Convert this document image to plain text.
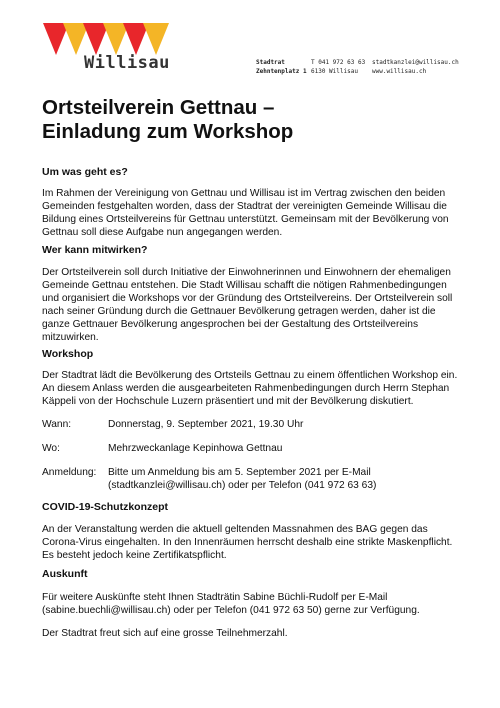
Willisau	Stadtrat
Zehntenplatz 1
T 041 972 63 63
6130 Willisau
stadtkanzlei@willisau.ch
www.willisau.ch
Ortsteilverein Gettnau –
Einladung zum Workshop
Um was geht es?

Im Rahmen der Vereinigung von Gettnau und Willisau ist im Vertrag zwischen den beiden Gemeinden festgehalten worden, dass der Stadtrat der vereinigten Gemeinde Willisau die Bildung eines Ortsteilvereins für Gettnau unterstützt. Gemeinsam mit der Bevölkerung von Gettnau soll diese Aufgabe nun angegangen werden.

Wer kann mitwirken?

Der Ortsteilverein soll durch Initiative der Einwohnerinnen und Einwohnern der ehemaligen Gemeinde Gettnau entstehen. Die Stadt Willisau schafft die nötigen Rahmenbedingungen und organisiert die Workshops vor der Gründung des Ortsteilvereins. Der Ortsteilverein soll nach seiner Gründung durch die Gettnauer Bevölkerung getragen werden, daher ist die ganze Gettnauer Bevölkerung angesprochen bei der Gestaltung des Ortsteilvereins mitzuwirken.

Workshop

Der Stadtrat lädt die Bevölkerung des Ortsteils Gettnau zu einem öffentlichen Workshop ein. An diesem Anlass werden die ausgearbeiteten Rahmenbedingungen durch Herrn Stephan Käppeli von der Hochschule Luzern präsentiert und mit der Bevölkerung diskutiert.

Wann:	Donnerstag, 9. September 2021, 19.30 Uhr
Wo:	Mehrzweckanlage Kepinhowa Gettnau
Anmeldung: Bitte um Anmeldung bis am 5. September 2021 per E-Mail (stadtkanzlei@willisau.ch) oder per Telefon (041 972 63 63)
COVID-19-Schutzkonzept

An der Veranstaltung werden die aktuell geltenden Massnahmen des BAG gegen das Corona-Virus eingehalten. In den Innenräumen herrscht deshalb eine strikte Maskenpflicht. Es besteht jedoch keine Zertifikatspflicht.

Auskunft

Für weitere Auskünfte steht Ihnen Stadträtin Sabine Büchli-Rudolf per E-Mail (sabine.buechli@willisau.ch) oder per Telefon (041 972 63 50) gerne zur Verfügung.

Der Stadtrat freut sich auf eine grosse Teilnehmerzahl.
